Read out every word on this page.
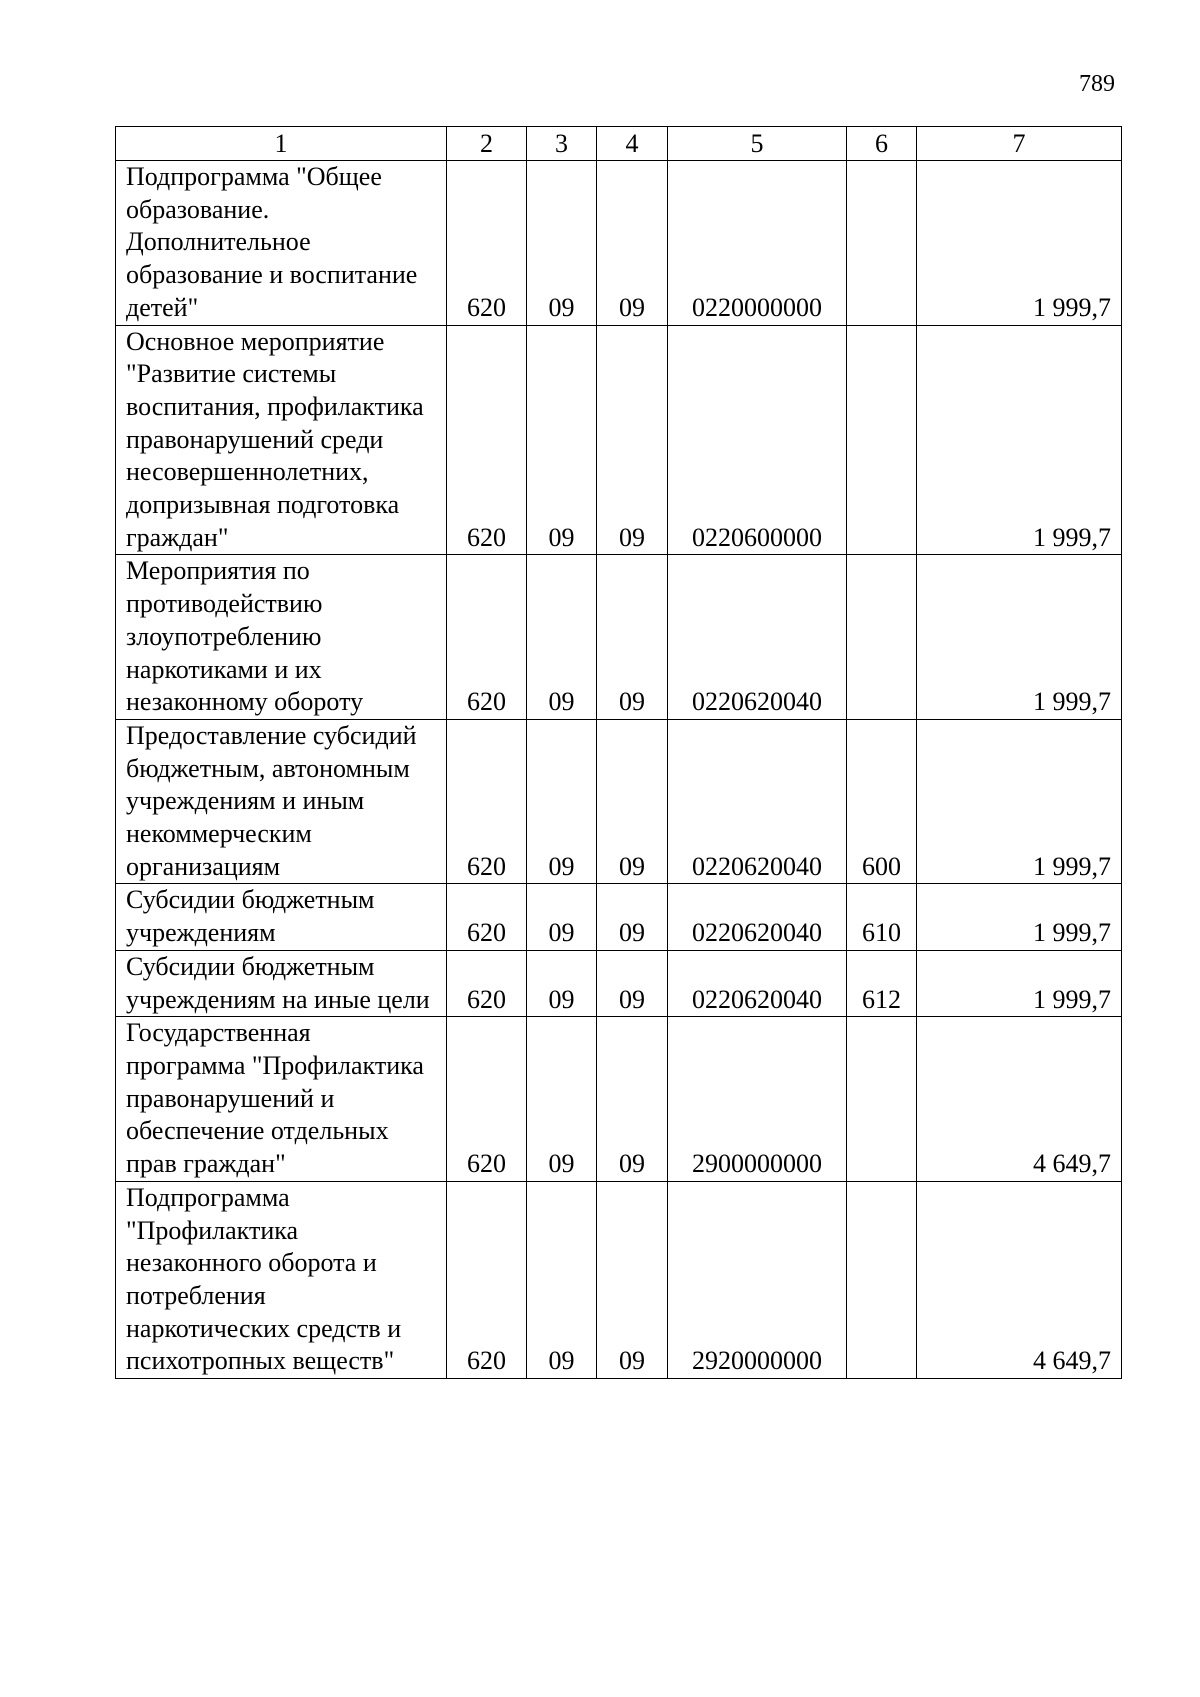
789
1	2	3	4	5	6	7
Подпрограмма "Общее образование. Дополнительное образование и воспитание детей"	620	09	09	0220000000		1 999,7
Основное мероприятие "Развитие системы воспитания, профилактика правонарушений среди несовершеннолетних, допризывная подготовка граждан"	620	09	09	0220600000		1 999,7
Мероприятия по противодействию злоупотреблению наркотиками и их незаконному обороту	620	09	09	0220620040		1 999,7
Предоставление субсидий бюджетным, автономным учреждениям и иным некоммерческим организациям	620	09	09	0220620040	600	1 999,7
Субсидии бюджетным учреждениям	620	09	09	0220620040	610	1 999,7
Субсидии бюджетным учреждениям на иные цели	620	09	09	0220620040	612	1 999,7
Государственная программа "Профилактика правонарушений и обеспечение отдельных прав граждан"	620	09	09	2900000000		4 649,7
Подпрограмма "Профилактика незаконного оборота и потребления наркотических средств и психотропных веществ"	620	09	09	2920000000		4 649,7
